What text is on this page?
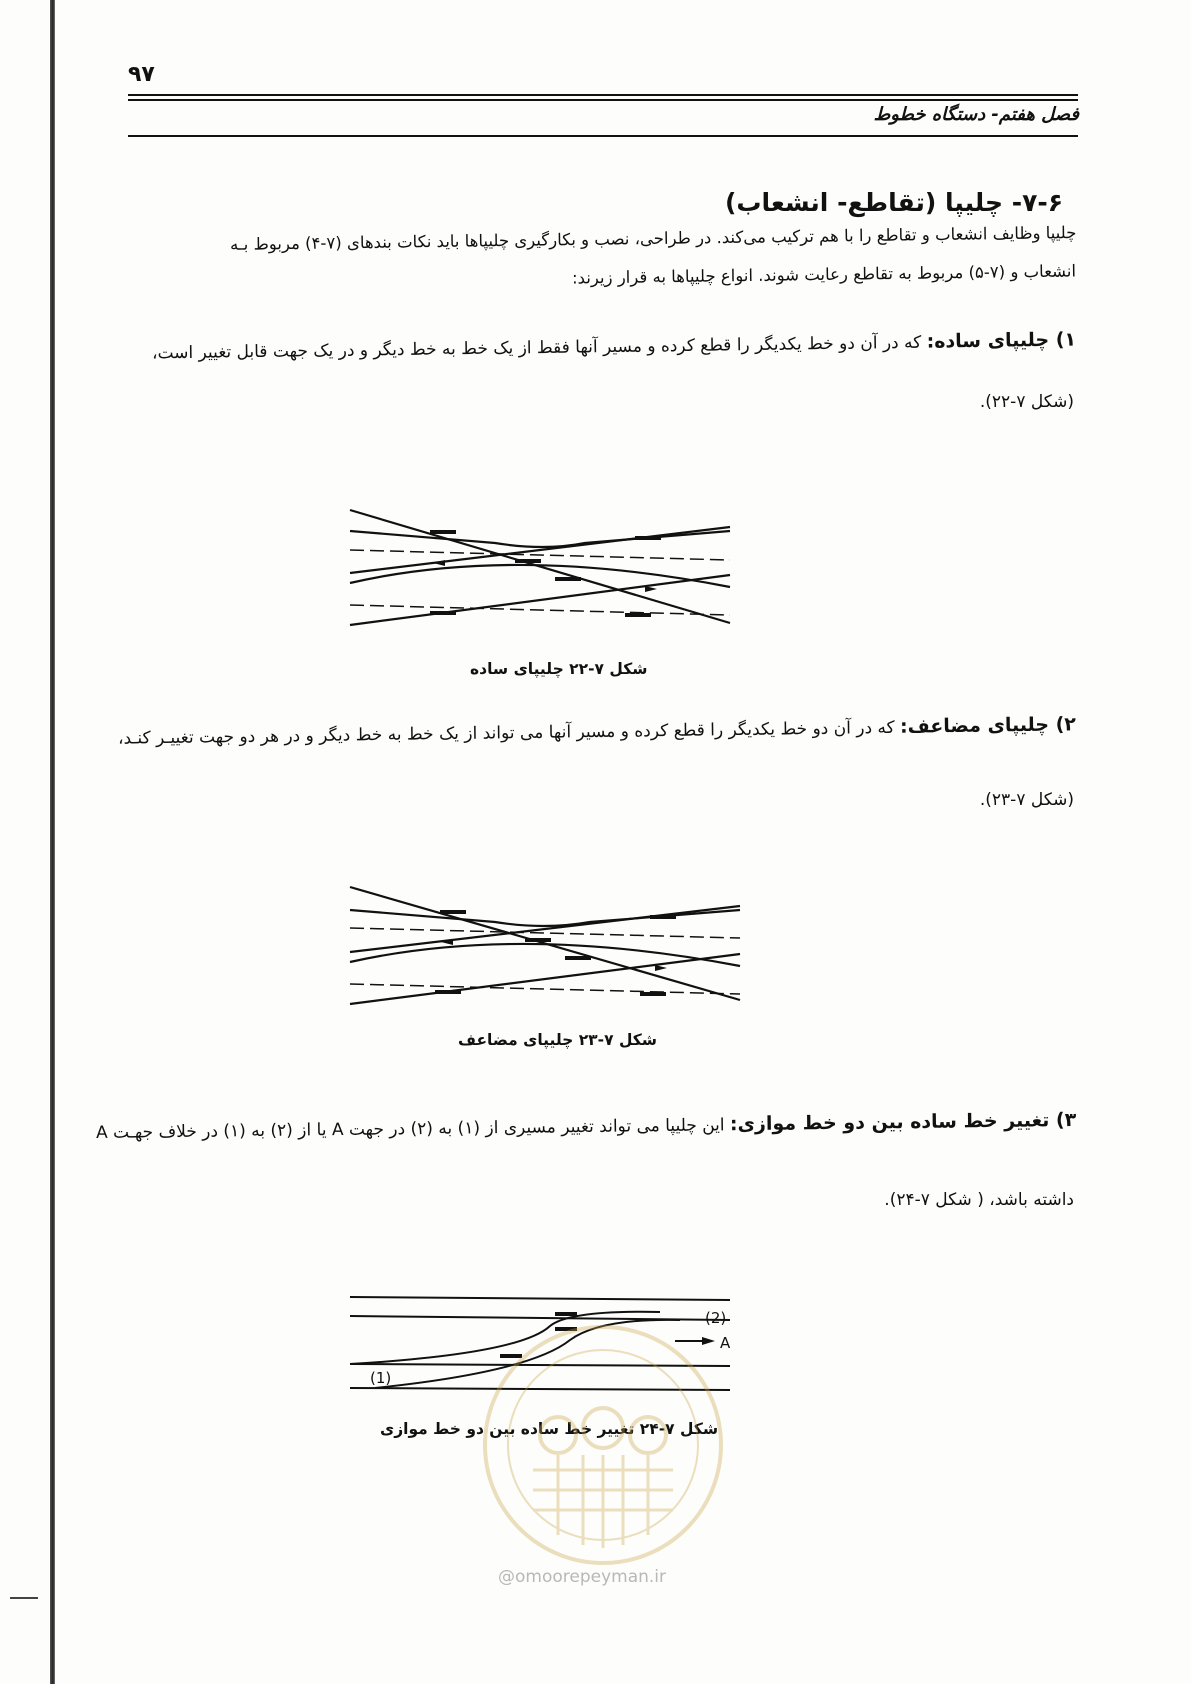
۹۷
فصل هفتم- دستگاه خطوط
۷-۶- چلیپا (تقاطع- انشعاب)
چلیپا وظایف انشعاب و تقاطع را با هم ترکیب می‌کند. در طراحی، نصب و بکارگیری چلیپاها باید نکات بندهای (۷-۴) مربوط بـه
انشعاب و (۷-۵) مربوط به تقاطع رعایت شوند. انواع چلیپاها به قرار زیرند:
۱) چلیپای ساده: که در آن دو خط یکدیگر را قطع کرده و مسیر آنها فقط از یک خط به خط دیگر و در یک جهت قابل تغییر است،
(شکل ۷-۲۲).
شکل ۷-۲۲ چلیپای ساده
۲) چلیپای مضاعف: که در آن دو خط یکدیگر را قطع کرده و مسیر آنها می تواند از یک خط به خط دیگر و در هر دو جهت تغییـر کنـد،
(شکل ۷-۲۳).
شکل ۷-۲۳ چلیپای مضاعف
۳) تغییر خط ساده بین دو خط موازی: این چلیپا می تواند تغییر مسیری از (۱) به (۲) در جهت A یا از (۲) به (۱) در خلاف جهـت A
داشته باشد، ( شکل ۷-۲۴).
(1)
(2)
A
شکل ۷-۲۴ تغییر خط ساده بین دو خط موازی
@omoorepeyman.ir
